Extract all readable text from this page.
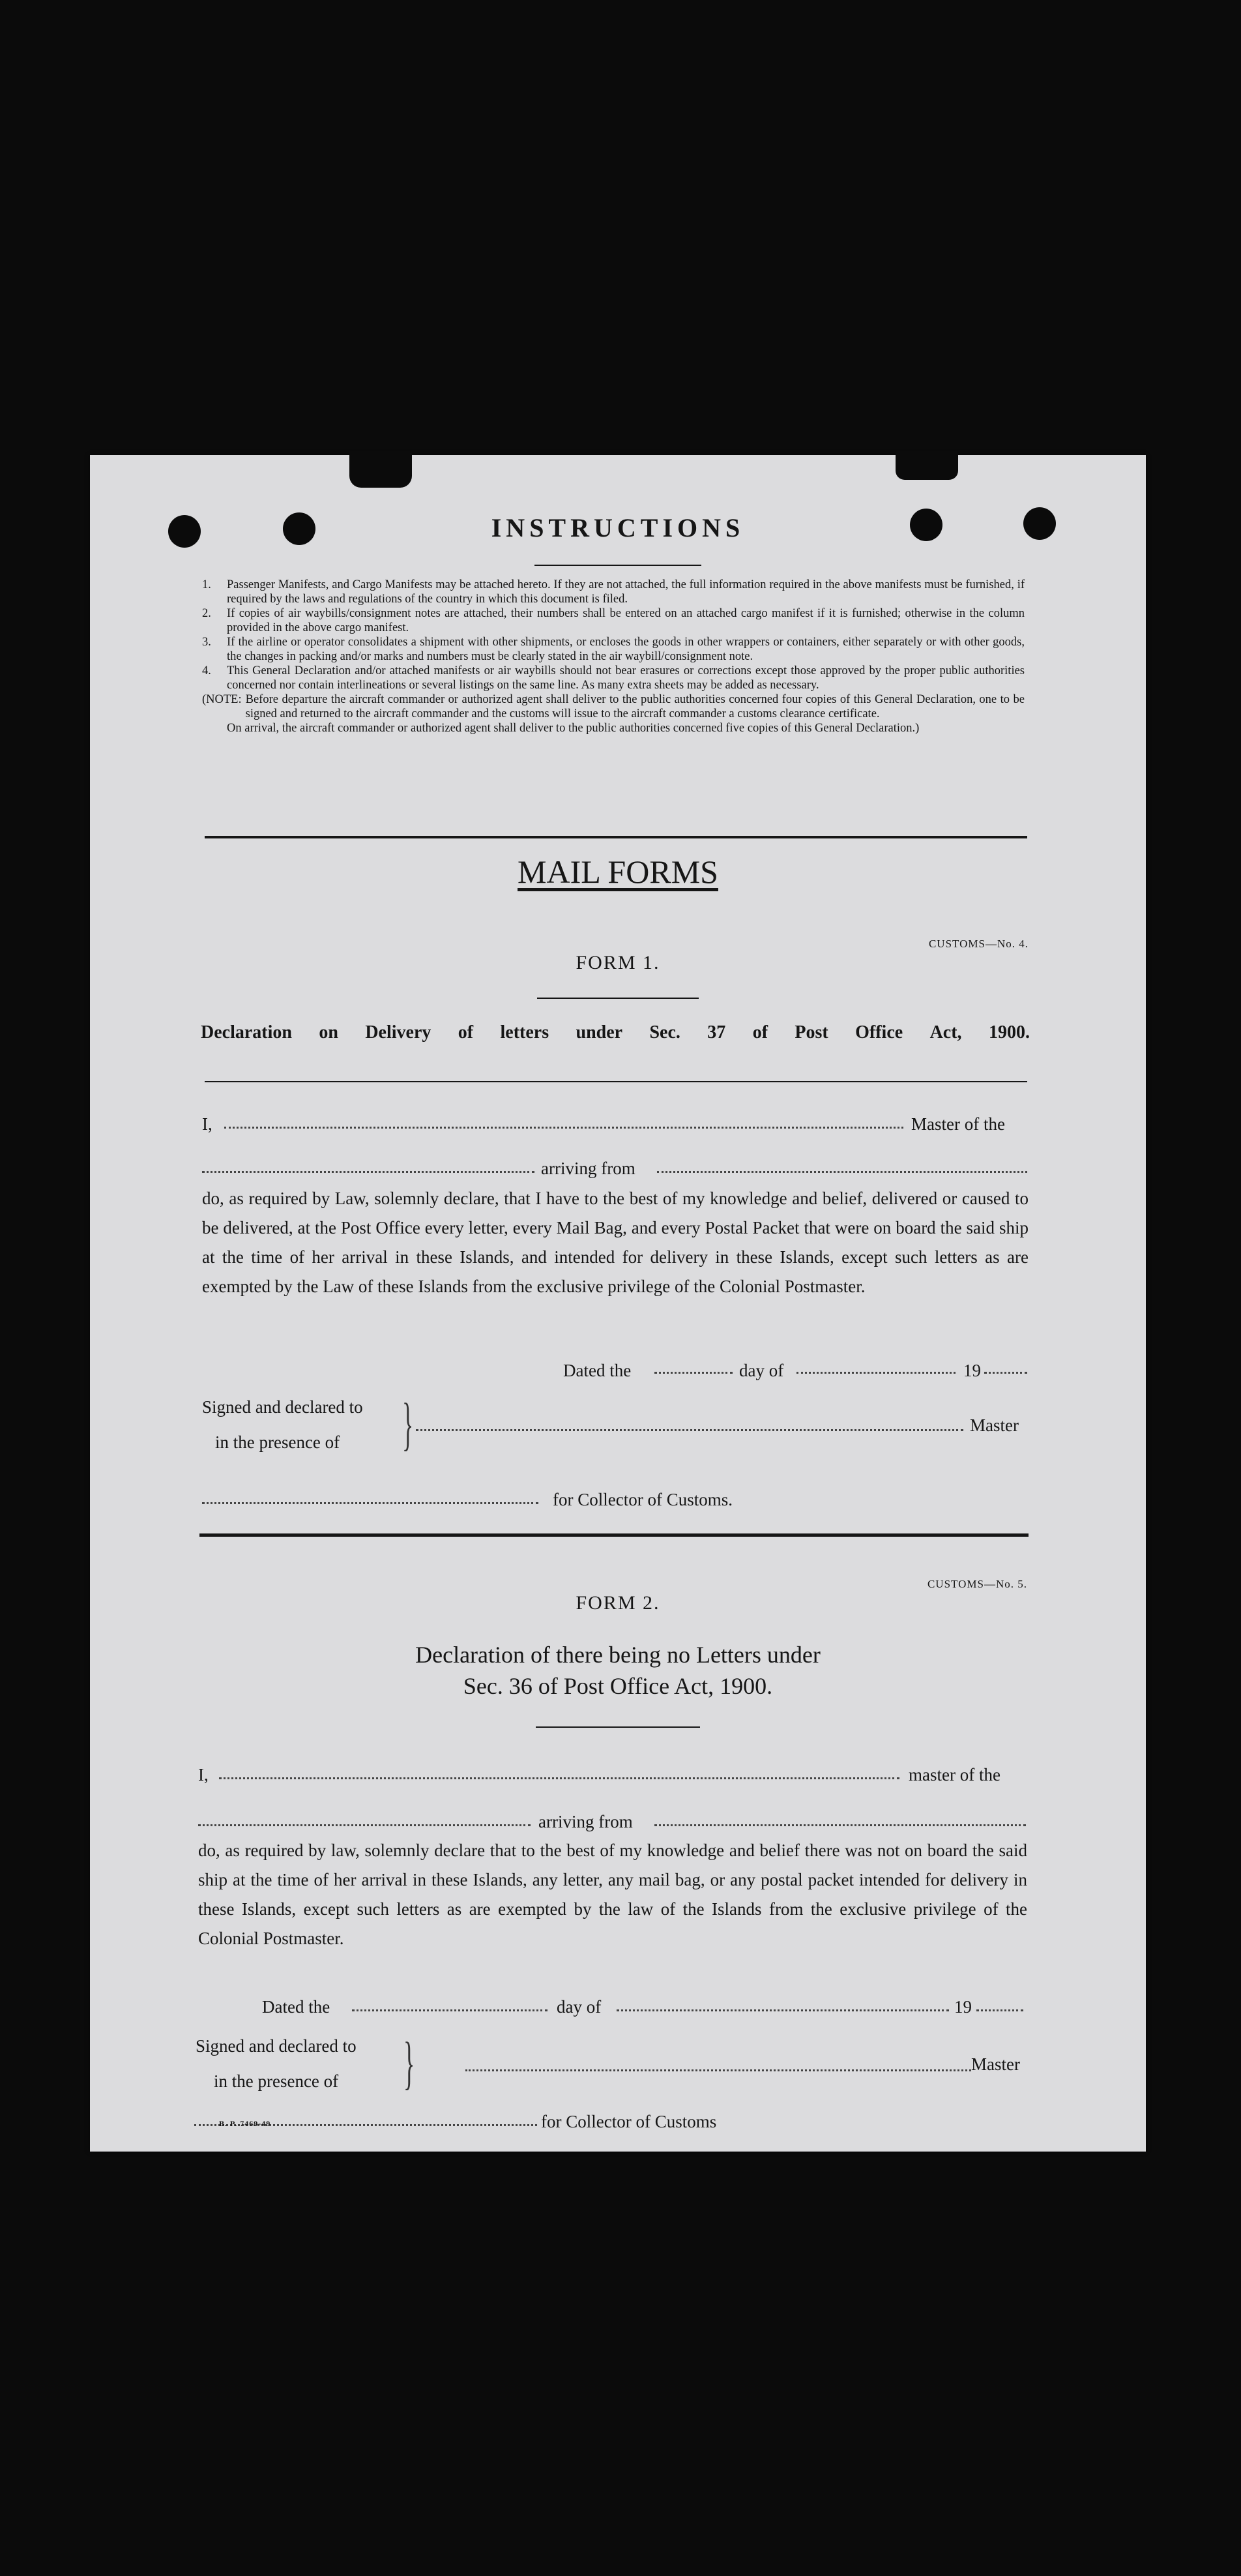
INSTRUCTIONS
1.	Passenger Manifests, and Cargo Manifests may be attached hereto. If they are not attached, the full information required in the above manifests must be furnished, if required by the laws and regulations of the country in which this document is filed.
2.	If copies of air waybills/consignment notes are attached, their numbers shall be entered on an attached cargo manifest if it is furnished; otherwise in the column provided in the above cargo manifest.
3.	If the airline or operator consolidates a shipment with other shipments, or encloses the goods in other wrappers or containers, either separately or with other goods, the changes in packing and/or marks and numbers must be clearly stated in the air waybill/consignment note.
4.	This General Declaration and/or attached manifests or air waybills should not bear erasures or corrections except those approved by the proper public authorities concerned nor contain interlineations or several listings on the same line. As many extra sheets may be added as necessary.
(NOTE: Before departure the aircraft commander or authorized agent shall deliver to the public authorities concerned four copies of this General Declaration, one to be signed and returned to the aircraft commander and the customs will issue to the aircraft commander a customs clearance certificate.
On arrival, the aircraft commander or authorized agent shall deliver to the public authorities concerned five copies of this General Declaration.)
MAIL FORMS
CUSTOMS—No. 4.
FORM 1.
Declaration on Delivery of letters under Sec. 37 of Post Office Act, 1900.
I,	Master of the
arriving from
do, as required by Law, solemnly declare, that I have to the best of my knowledge and belief, delivered or caused to be delivered, at the Post Office every letter, every Mail Bag, and every Postal Packet that were on board the said ship at the time of her arrival in these Islands, and intended for delivery in these Islands, except such letters as are exempted by the Law of these Islands from the exclusive privilege of the Colonial Postmaster.
Dated the	day of	19
Signed and declared to
in the presence of }	Master
for Collector of Customs.
CUSTOMS—No. 5.
FORM 2.
Declaration of there being no Letters under
Sec. 36 of Post Office Act, 1900.
I,	master of the
arriving from
do, as required by law, solemnly declare that to the best of my knowledge and belief there was not on board the said ship at the time of her arrival in these Islands, any letter, any mail bag, or any postal packet intended for delivery in these Islands, except such letters as are exempted by the law of the Islands from the exclusive privilege of the Colonial Postmaster.
Dated the	day of	19
Signed and declared to
in the presence of }	Master
for Collector of Customs
B. P. 7469-49
